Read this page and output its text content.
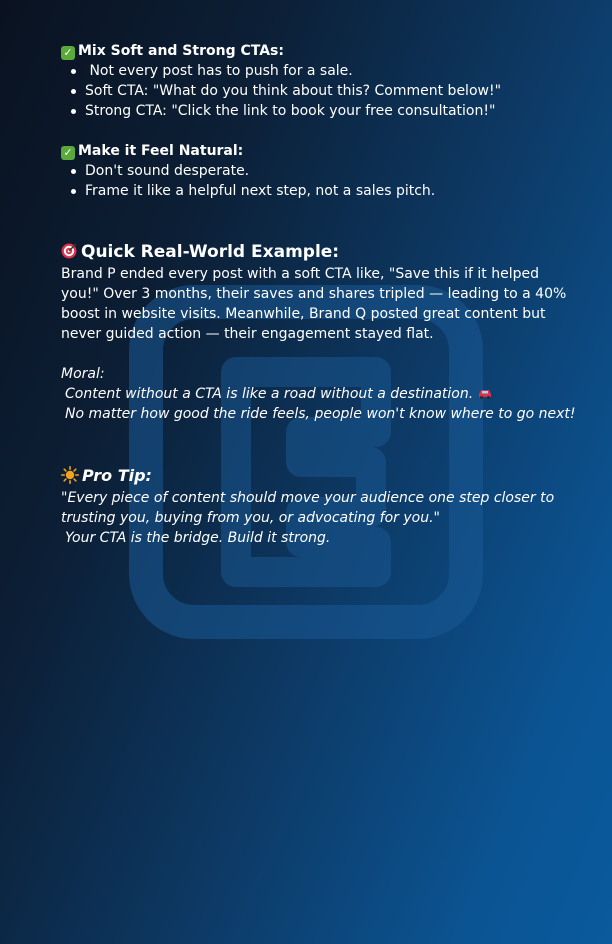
✓ Mix Soft and Strong CTAs:

Not every post has to push for a sale.
Soft CTA: "What do you think about this? Comment below!"
Strong CTA: "Click the link to book your free consultation!"

✓ Make it Feel Natural:

Don't sound desperate.
Frame it like a helpful next step, not a sales pitch.
Quick Real-World Example:

Brand P ended every post with a soft CTA like, "Save this if it helped you!" Over 3 months, their saves and shares tripled — leading to a 40% boost in website visits. Meanwhile, Brand Q posted great content but never guided action — their engagement stayed flat.

Moral:
Content without a CTA is like a road without a destination.
No matter how good the ride feels, people won't know where to go next!
Pro Tip:
"Every piece of content should move your audience one step closer to trusting you, buying from you, or advocating for you."
Your CTA is the bridge. Build it strong.
